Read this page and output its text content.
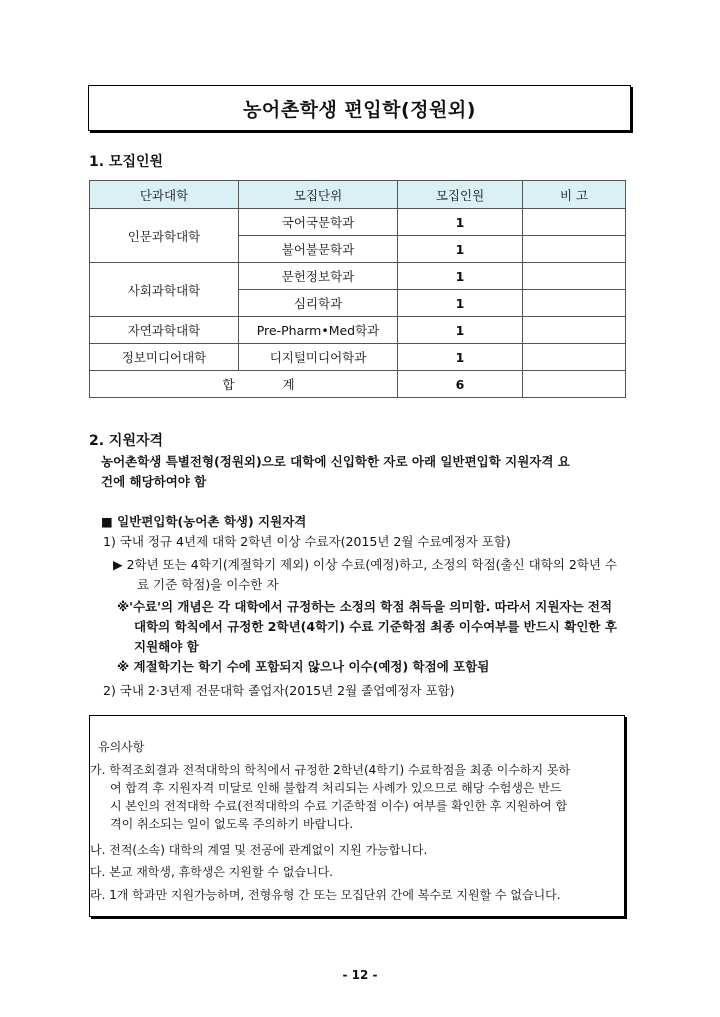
농어촌학생 편입학(정원외)
1. 모집인원
단과대학	모집단위	모집인원	비 고
인문과학대학	국어국문학과	1	
	불어불문학과	1	
사회과학대학	문헌정보학과	1	
	심리학과	1	
자연과학대학	Pre-Pharm•Med학과	1	
정보미디어대학	디지털미디어학과	1	
합 계		6	
2. 지원자격
농어촌학생 특별전형(정원외)으로 대학에 신입학한 자로 아래 일반편입학 지원자격 요
건에 해당하여야 함
■ 일반편입학(농어촌 학생) 지원자격
1) 국내 정규 4년제 대학 2학년 이상 수료자(2015년 2월 수료예정자 포함)
▶ 2학년 또는 4학기(계절학기 제외) 이상 수료(예정)하고, 소정의 학점(출신 대학의 2학년 수
료 기준 학점)을 이수한 자
※'수료'의 개념은 각 대학에서 규정하는 소정의 학점 취득을 의미함. 따라서 지원자는 전적
대학의 학칙에서 규정한 2학년(4학기) 수료 기준학점 최종 이수여부를 반드시 확인한 후
지원해야 함
※ 계절학기는 학기 수에 포함되지 않으나 이수(예정) 학점에 포함됨
2) 국내 2·3년제 전문대학 졸업자(2015년 2월 졸업예정자 포함)
유의사항
가. 학적조회결과 전적대학의 학칙에서 규정한 2학년(4학기) 수료학점을 최종 이수하지 못하
여 합격 후 지원자격 미달로 인해 불합격 처리되는 사례가 있으므로 해당 수험생은 반드
시 본인의 전적대학 수료(전적대학의 수료 기준학점 이수) 여부를 확인한 후 지원하여 합
격이 취소되는 일이 없도록 주의하기 바랍니다.
나. 전적(소속) 대학의 계열 및 전공에 관계없이 지원 가능합니다.
다. 본교 재학생, 휴학생은 지원할 수 없습니다.
라. 1개 학과만 지원가능하며, 전형유형 간 또는 모집단위 간에 복수로 지원할 수 없습니다.
- 12 -
